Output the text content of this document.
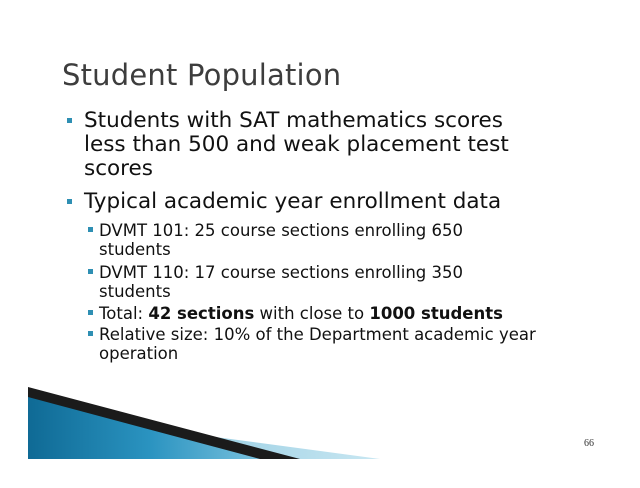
Student Population
Students with SAT mathematics scores
less than 500 and weak placement test
scores
Typical academic year enrollment data
DVMT 101: 25 course sections enrolling 650
students
DVMT 110: 17 course sections enrolling 350
students
Total: 42 sections with close to 1000 students
Relative size: 10% of the Department academic year
operation
66
